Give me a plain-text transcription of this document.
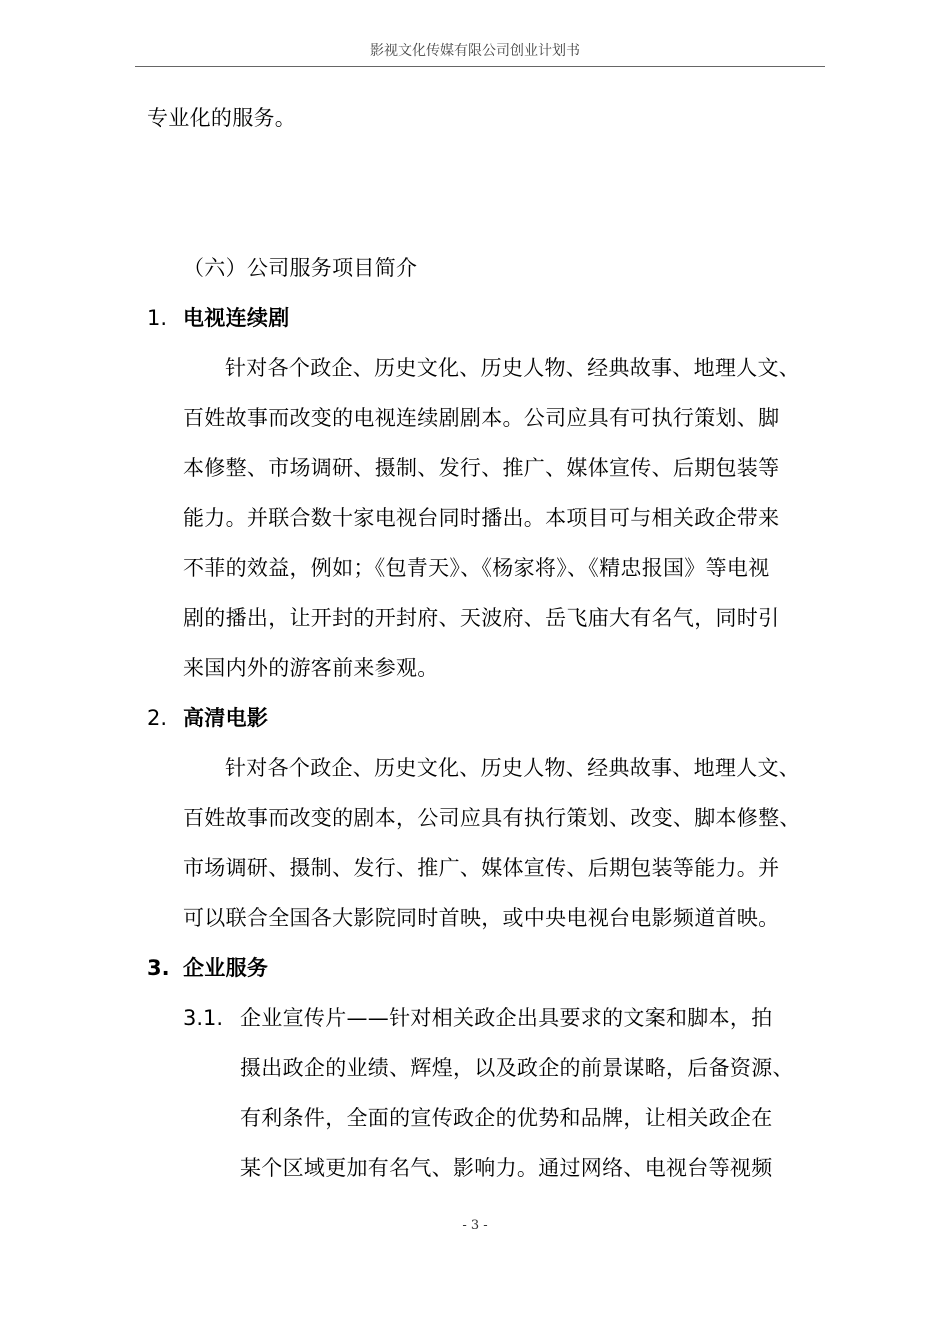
影视文化传媒有限公司创业计划书

专业化的服务。

（六）公司服务项目简介

1. 电视连续剧

针对各个政企、历史文化、历史人物、经典故事、地理人文、

百姓故事而改变的电视连续剧剧本。公司应具有可执行策划、脚

本修整、市场调研、摄制、发行、推广、媒体宣传、后期包装等

能力。并联合数十家电视台同时播出。本项目可与相关政企带来

不菲的效益，例如；《包青天》、《杨家将》、《精忠报国》等电视

剧的播出，让开封的开封府、天波府、岳飞庙大有名气，同时引

来国内外的游客前来参观。

2. 高清电影

针对各个政企、历史文化、历史人物、经典故事、地理人文、

百姓故事而改变的剧本，公司应具有执行策划、改变、脚本修整、

市场调研、摄制、发行、推广、媒体宣传、后期包装等能力。并

可以联合全国各大影院同时首映，或中央电视台电影频道首映。

3. 企业服务
3.1. 企业宣传片——针对相关政企出具要求的文案和脚本，拍

摄出政企的业绩、辉煌，以及政企的前景谋略，后备资源、

有利条件，全面的宣传政企的优势和品牌，让相关政企在

某个区域更加有名气、影响力。通过网络、电视台等视频

- 3 -
